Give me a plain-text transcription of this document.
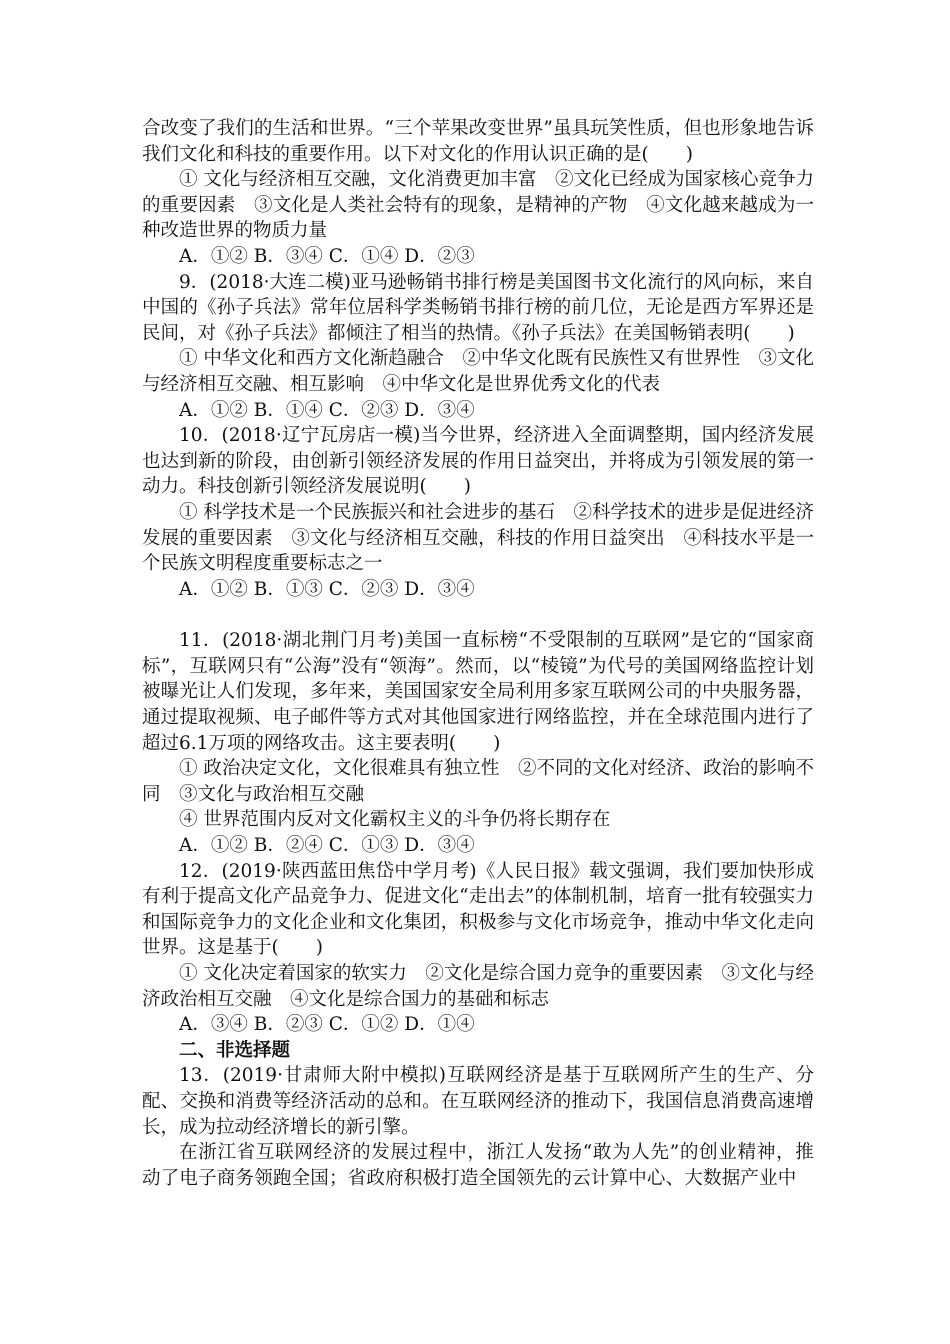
合改变了我们的生活和世界。“三个苹果改变世界”虽具玩笑性质，但也形象地告诉我们文化和科技的重要作用。以下对文化的作用认识正确的是(　　)

① 文化与经济相互交融，文化消费更加丰富　②文化已经成为国家核心竞争力的重要因素　③文化是人类社会特有的现象，是精神的产物　④文化越来越成为一种改造世界的物质力量

A．①② B．③④ C．①④ D．②③

9．(2018·大连二模)亚马逊畅销书排行榜是美国图书文化流行的风向标，来自中国的《孙子兵法》常年位居科学类畅销书排行榜的前几位，无论是西方军界还是民间，对《孙子兵法》都倾注了相当的热情。《孙子兵法》在美国畅销表明(　　)

① 中华文化和西方文化渐趋融合　②中华文化既有民族性又有世界性　③文化与经济相互交融、相互影响　④中华文化是世界优秀文化的代表

A．①② B．①④ C．②③ D．③④

10．(2018·辽宁瓦房店一模)当今世界，经济进入全面调整期，国内经济发展也达到新的阶段，由创新引领经济发展的作用日益突出，并将成为引领发展的第一动力。科技创新引领经济发展说明(　　)

① 科学技术是一个民族振兴和社会进步的基石　②科学技术的进步是促进经济发展的重要因素　③文化与经济相互交融，科技的作用日益突出　④科技水平是一个民族文明程度重要标志之一

A．①② B．①③ C．②③ D．③④

11．(2018·湖北荆门月考)美国一直标榜“不受限制的互联网”是它的“国家商标”，互联网只有“公海”没有“领海”。然而，以“棱镜”为代号的美国网络监控计划被曝光让人们发现，多年来，美国国家安全局利用多家互联网公司的中央服务器，通过提取视频、电子邮件等方式对其他国家进行网络监控，并在全球范围内进行了超过6.1万项的网络攻击。这主要表明(　　)

① 政治决定文化，文化很难具有独立性　②不同的文化对经济、政治的影响不同　③文化与政治相互交融

④ 世界范围内反对文化霸权主义的斗争仍将长期存在

A．①② B．②④ C．①③ D．③④

12．(2019·陕西蓝田焦岱中学月考)《人民日报》载文强调，我们要加快形成有利于提高文化产品竞争力、促进文化“走出去”的体制机制，培育一批有较强实力和国际竞争力的文化企业和文化集团，积极参与文化市场竞争，推动中华文化走向世界。这是基于(　　)

① 文化决定着国家的软实力　②文化是综合国力竞争的重要因素　③文化与经济政治相互交融　④文化是综合国力的基础和标志

A．③④ B．②③ C．①② D．①④

二、非选择题

13．(2019·甘肃师大附中模拟)互联网经济是基于互联网所产生的生产、分配、交换和消费等经济活动的总和。在互联网经济的推动下，我国信息消费高速增长，成为拉动经济增长的新引擎。

在浙江省互联网经济的发展过程中，浙江人发扬“敢为人先”的创业精神，推动了电子商务领跑全国；省政府积极打造全国领先的云计算中心、大数据产业中
